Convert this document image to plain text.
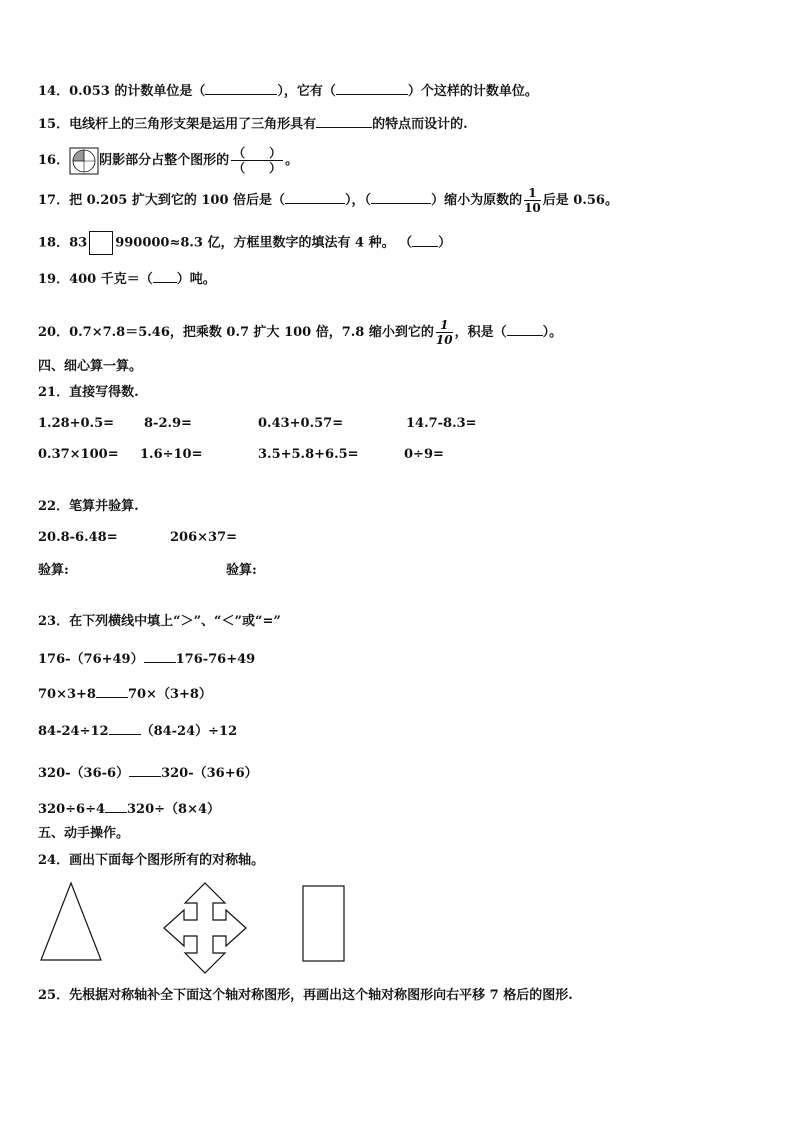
14．0.053 的计数单位是（	），它有（	）个这样的计数单位。
15．电线杆上的三角形支架是运用了三角形具有	的特点而设计的.
16． 阴影部分占整个图形的 $\frac{( )}{( )}$ 。
17．把 0.205 扩大到它的 100 倍后是（	），（	）缩小为原数的 $\frac{1}{10}$ 后是 0.56。
18．83 990000≈8.3 亿，方框里数字的填法有 4 种。 （ ）
19．400 千克＝（ ）吨。
20．0.7×7.8＝5.46，把乘数 0.7 扩大 100 倍，7.8 缩小到它的 $\frac{1}{10}$ ，积是（	）。
四、细心算一算。
21．直接写得数.
1.28+0.5= 8-2.9=	0.43+0.57=	14.7-8.3=
0.37×100= 1.6÷10=	3.5+5.8+6.5=	0÷9=
22．笔算并验算.
20.8-6.48=	206×37=
验算:	验算:
23．在下列横线中填上“＞”、“＜”或“=”
176-（76+49） 176-76+49
70×3+8 70×（3+8）
84-24÷12 （84-24）÷12
320-（36-6） 320-（36+6）
320÷6÷4 320÷（8×4）
五、动手操作。
24．画出下面每个图形所有的对称轴。
25．先根据对称轴补全下面这个轴对称图形，再画出这个轴对称图形向右平移 7 格后的图形.
